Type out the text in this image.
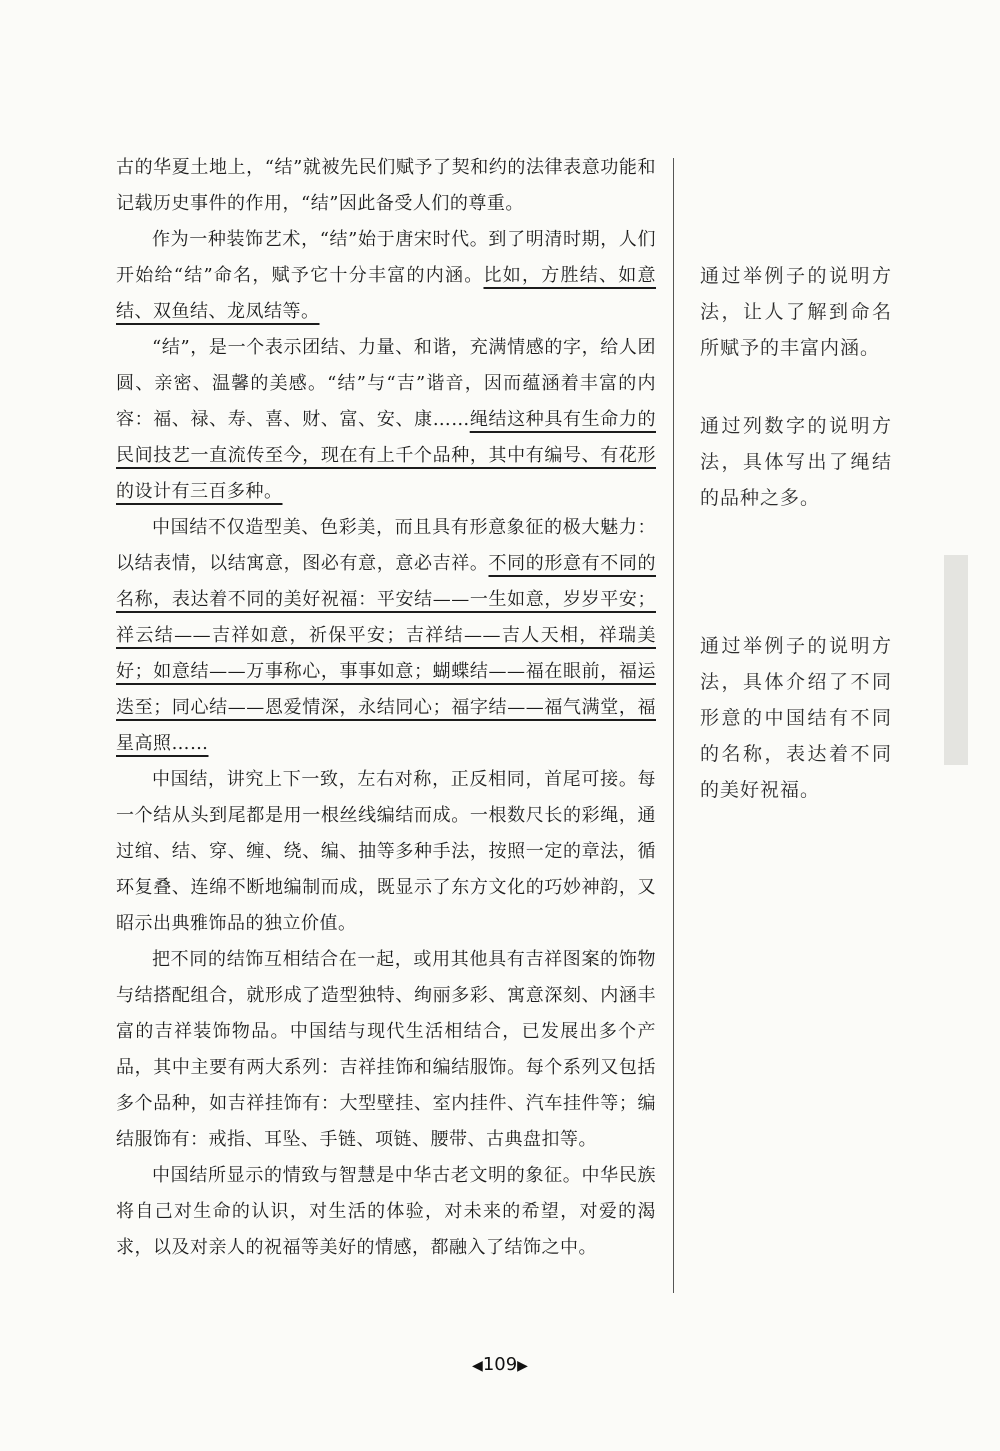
古的华夏土地上，“结”就被先民们赋予了契和约的法律表意功能和记载历史事件的作用，“结”因此备受人们的尊重。

作为一种装饰艺术，“结”始于唐宋时代。到了明清时期，人们开始给“结”命名，赋予它十分丰富的内涵。比如，方胜结、如意结、双鱼结、龙凤结等。

“结”，是一个表示团结、力量、和谐，充满情感的字，给人团圆、亲密、温馨的美感。“结”与“吉”谐音，因而蕴涵着丰富的内容：福、禄、寿、喜、财、富、安、康……绳结这种具有生命力的民间技艺一直流传至今，现在有上千个品种，其中有编号、有花形的设计有三百多种。

中国结不仅造型美、色彩美，而且具有形意象征的极大魅力：以结表情，以结寓意，图必有意，意必吉祥。不同的形意有不同的名称，表达着不同的美好祝福：平安结——一生如意，岁岁平安；祥云结——吉祥如意，祈保平安；吉祥结——吉人天相，祥瑞美好；如意结——万事称心，事事如意；蝴蝶结——福在眼前，福运迭至；同心结——恩爱情深，永结同心；福字结——福气满堂，福星高照……

中国结，讲究上下一致，左右对称，正反相同，首尾可接。每一个结从头到尾都是用一根丝线编结而成。一根数尺长的彩绳，通过绾、结、穿、缠、绕、编、抽等多种手法，按照一定的章法，循环复叠、连绵不断地编制而成，既显示了东方文化的巧妙神韵，又昭示出典雅饰品的独立价值。

把不同的结饰互相结合在一起，或用其他具有吉祥图案的饰物与结搭配组合，就形成了造型独特、绚丽多彩、寓意深刻、内涵丰富的吉祥装饰物品。中国结与现代生活相结合，已发展出多个产品，其中主要有两大系列：吉祥挂饰和编结服饰。每个系列又包括多个品种，如吉祥挂饰有：大型壁挂、室内挂件、汽车挂件等；编结服饰有：戒指、耳坠、手链、项链、腰带、古典盘扣等。

中国结所显示的情致与智慧是中华古老文明的象征。中华民族将自己对生命的认识，对生活的体验，对未来的希望，对爱的渴求，以及对亲人的祝福等美好的情感，都融入了结饰之中。

通过举例子的说明方法，让人了解到命名所赋予的丰富内涵。
通过列数字的说明方法，具体写出了绳结的品种之多。
通过举例子的说明方法，具体介绍了不同形意的中国结有不同的名称，表达着不同的美好祝福。
◀109▶
